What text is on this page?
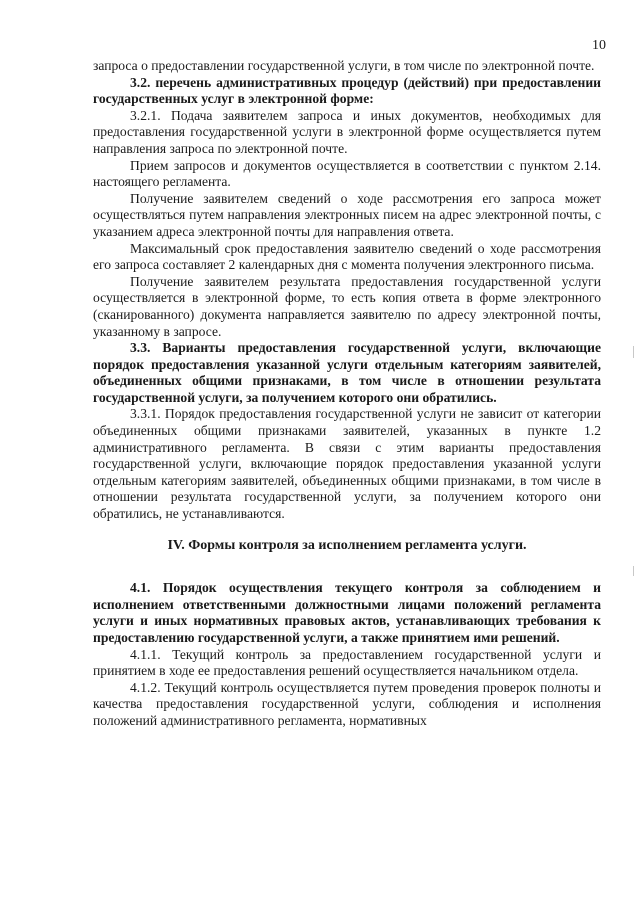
10

запроса о предоставлении государственной услуги, в том числе по электронной почте.

3.2. перечень административных процедур (действий) при предоставлении государственных услуг в электронной форме:

3.2.1. Подача заявителем запроса и иных документов, необходимых для предоставления государственной услуги в электронной форме осуществляется путем направления запроса по электронной почте.

Прием запросов и документов осуществляется в соответствии с пунктом 2.14. настоящего регламента.

Получение заявителем сведений о ходе рассмотрения его запроса может осуществляться путем направления электронных писем на адрес электронной почты, с указанием адреса электронной почты для направления ответа.

Максимальный срок предоставления заявителю сведений о ходе рассмотрения его запроса составляет 2 календарных дня с момента получения электронного письма.

Получение заявителем результата предоставления государственной услуги осуществляется в электронной форме, то есть копия ответа в форме электронного (сканированного) документа направляется заявителю по адресу электронной почты, указанному в запросе.

3.3. Варианты предоставления государственной услуги, включающие порядок предоставления указанной услуги отдельным категориям заявителей, объединенных общими признаками, в том числе в отношении результата государственной услуги, за получением которого они обратились.

3.3.1. Порядок предоставления государственной услуги не зависит от категории объединенных общими признаками заявителей, указанных в пункте 1.2 административного регламента. В связи с этим варианты предоставления государственной услуги, включающие порядок предоставления указанной услуги отдельным категориям заявителей, объединенных общими признаками, в том числе в отношении результата государственной услуги, за получением которого они обратились, не устанавливаются.

IV. Формы контроля за исполнением регламента услуги.

4.1. Порядок осуществления текущего контроля за соблюдением и исполнением ответственными должностными лицами положений регламента услуги и иных нормативных правовых актов, устанавливающих требования к предоставлению государственной услуги, а также принятием ими решений.

4.1.1. Текущий контроль за предоставлением государственной услуги и принятием в ходе ее предоставления решений осуществляется начальником отдела.

4.1.2. Текущий контроль осуществляется путем проведения проверок полноты и качества предоставления государственной услуги, соблюдения и исполнения положений административного регламента, нормативных
